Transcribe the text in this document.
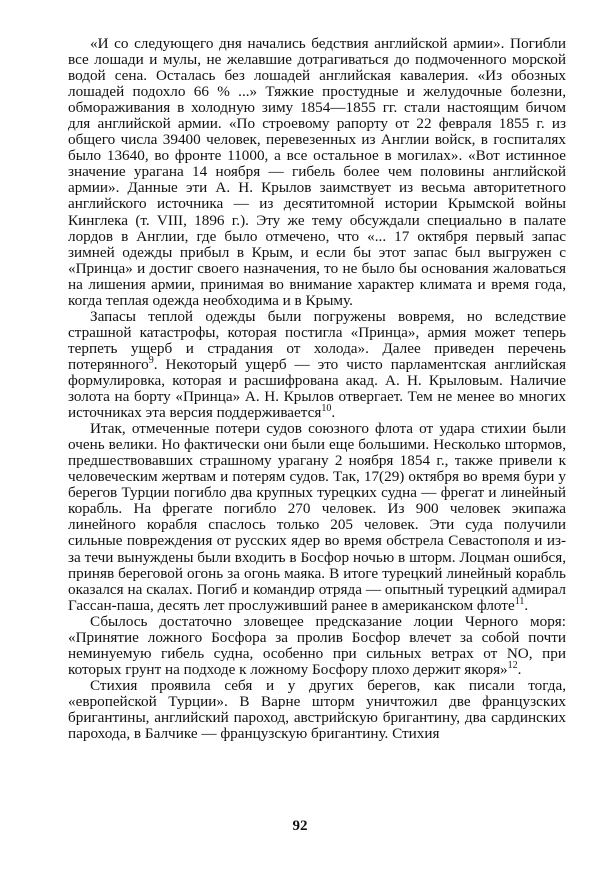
«И со следующего дня начались бедствия английской армии». Погибли все лошади и мулы, не желавшие дотрагиваться до подмоченного морской водой сена. Осталась без лошадей английская кавалерия. «Из обозных лошадей подохло 66 % ...» Тяжкие простудные и желудочные болезни, обмораживания в холодную зиму 1854—1855 гг. стали настоящим бичом для английской армии. «По строевому рапорту от 22 февраля 1855 г. из общего числа 39400 человек, перевезенных из Англии войск, в госпиталях было 13640, во фронте 11000, а все остальное в могилах». «Вот истинное значение урагана 14 ноября — гибель более чем половины английской армии». Данные эти А. Н. Крылов заимствует из весьма авторитетного английского источника — из десятитомной истории Крымской войны Кинглека (т. VIII, 1896 г.). Эту же тему обсуждали специально в палате лордов в Англии, где было отмечено, что «... 17 октября первый запас зимней одежды прибыл в Крым, и если бы этот запас был выгружен с «Принца» и достиг своего назначения, то не было бы основания жаловаться на лишения армии, принимая во внимание характер климата и время года, когда теплая одежда необходима и в Крыму.

Запасы теплой одежды были погружены вовремя, но вследствие страшной катастрофы, которая постигла «Принца», армия может теперь терпеть ущерб и страдания от холода». Далее приведен перечень потерянного$^9$. Некоторый ущерб — это чисто парламентская английская формулировка, которая и расшифрована акад. А. Н. Крыловым. Наличие золота на борту «Принца» А. Н. Крылов отвергает. Тем не менее во многих источниках эта версия поддерживается$^{10}$.

Итак, отмеченные потери судов союзного флота от удара стихии были очень велики. Но фактически они были еще большими. Несколько штормов, предшествовавших страшному урагану 2 ноября 1854 г., также привели к человеческим жертвам и потерям судов. Так, 17(29) октября во время бури у берегов Турции погибло два крупных турецких судна — фрегат и линейный корабль. На фрегате погибло 270 человек. Из 900 человек экипажа линейного корабля спаслось только 205 человек. Эти суда получили сильные повреждения от русских ядер во время обстрела Севастополя и из-за течи вынуждены были входить в Босфор ночью в шторм. Лоцман ошибся, приняв береговой огонь за огонь маяка. В итоге турецкий линейный корабль оказался на скалах. Погиб и командир отряда — опытный турецкий адмирал Гассан-паша, десять лет прослуживший ранее в американском флоте$^{11}$.

Сбылось достаточно зловещее предсказание лоции Черного моря: «Принятие ложного Босфора за пролив Босфор влечет за собой почти неминуемую гибель судна, особенно при сильных ветрах от NO, при которых грунт на подходе к ложному Босфору плохо держит якоря»$^{12}$.

Стихия проявила себя и у других берегов, как писали тогда, «европейской Турции». В Варне шторм уничтожил две французских бригантины, английский пароход, австрийскую бригантину, два сардинских парохода, в Балчике — французскую бригантину. Стихия

92
